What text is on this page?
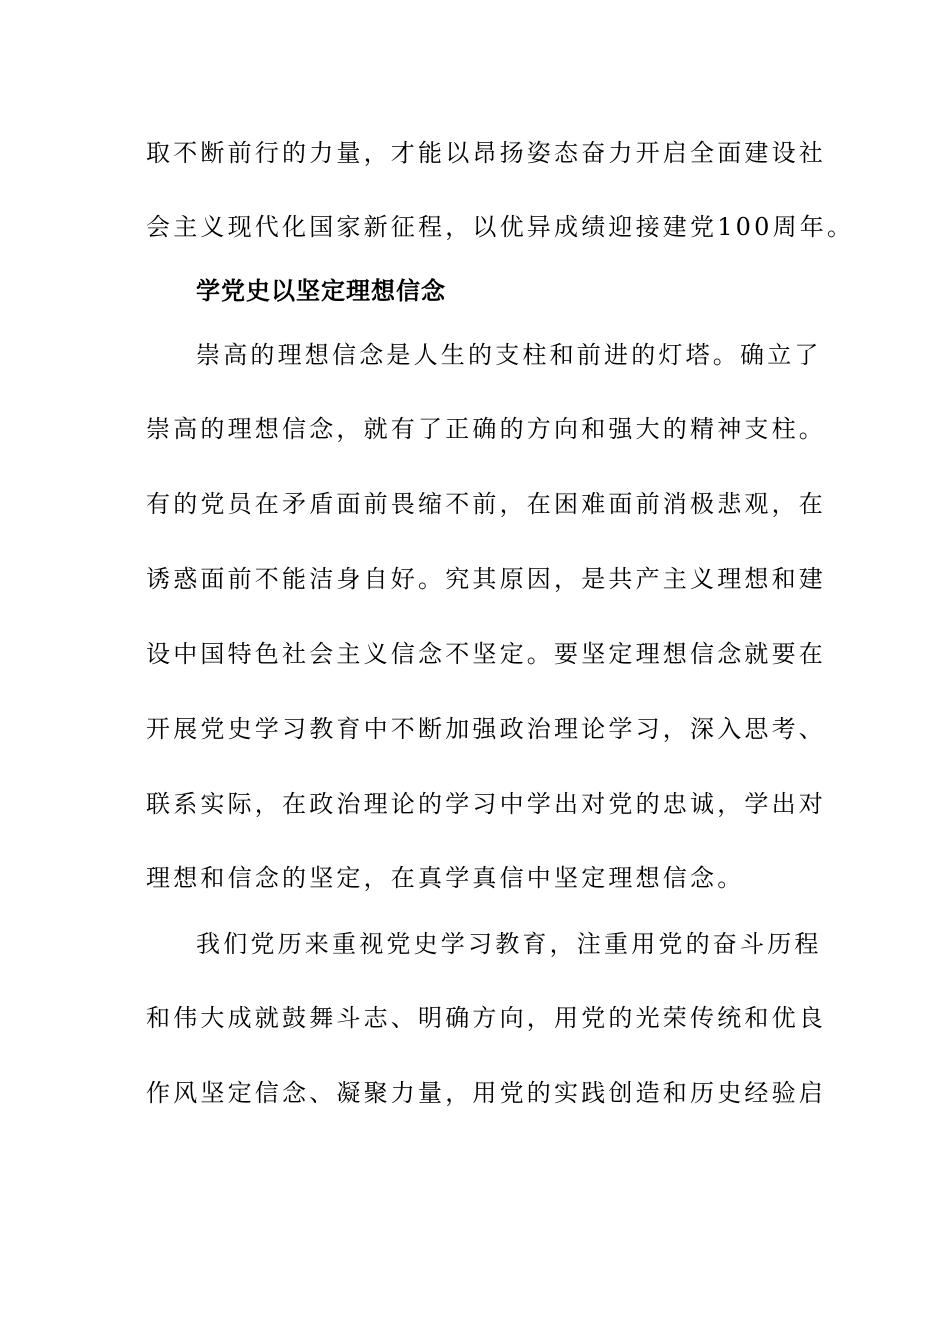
取不断前行的力量，才能以昂扬姿态奋力开启全面建设社
会主义现代化国家新征程，以优异成绩迎接建党100周年。
学党史以坚定理想信念
崇高的理想信念是人生的支柱和前进的灯塔。确立了
崇高的理想信念，就有了正确的方向和强大的精神支柱。
有的党员在矛盾面前畏缩不前，在困难面前消极悲观，在
诱惑面前不能洁身自好。究其原因，是共产主义理想和建
设中国特色社会主义信念不坚定。要坚定理想信念就要在
开展党史学习教育中不断加强政治理论学习，深入思考、
联系实际，在政治理论的学习中学出对党的忠诚，学出对
理想和信念的坚定，在真学真信中坚定理想信念。
我们党历来重视党史学习教育，注重用党的奋斗历程
和伟大成就鼓舞斗志、明确方向，用党的光荣传统和优良
作风坚定信念、凝聚力量，用党的实践创造和历史经验启
